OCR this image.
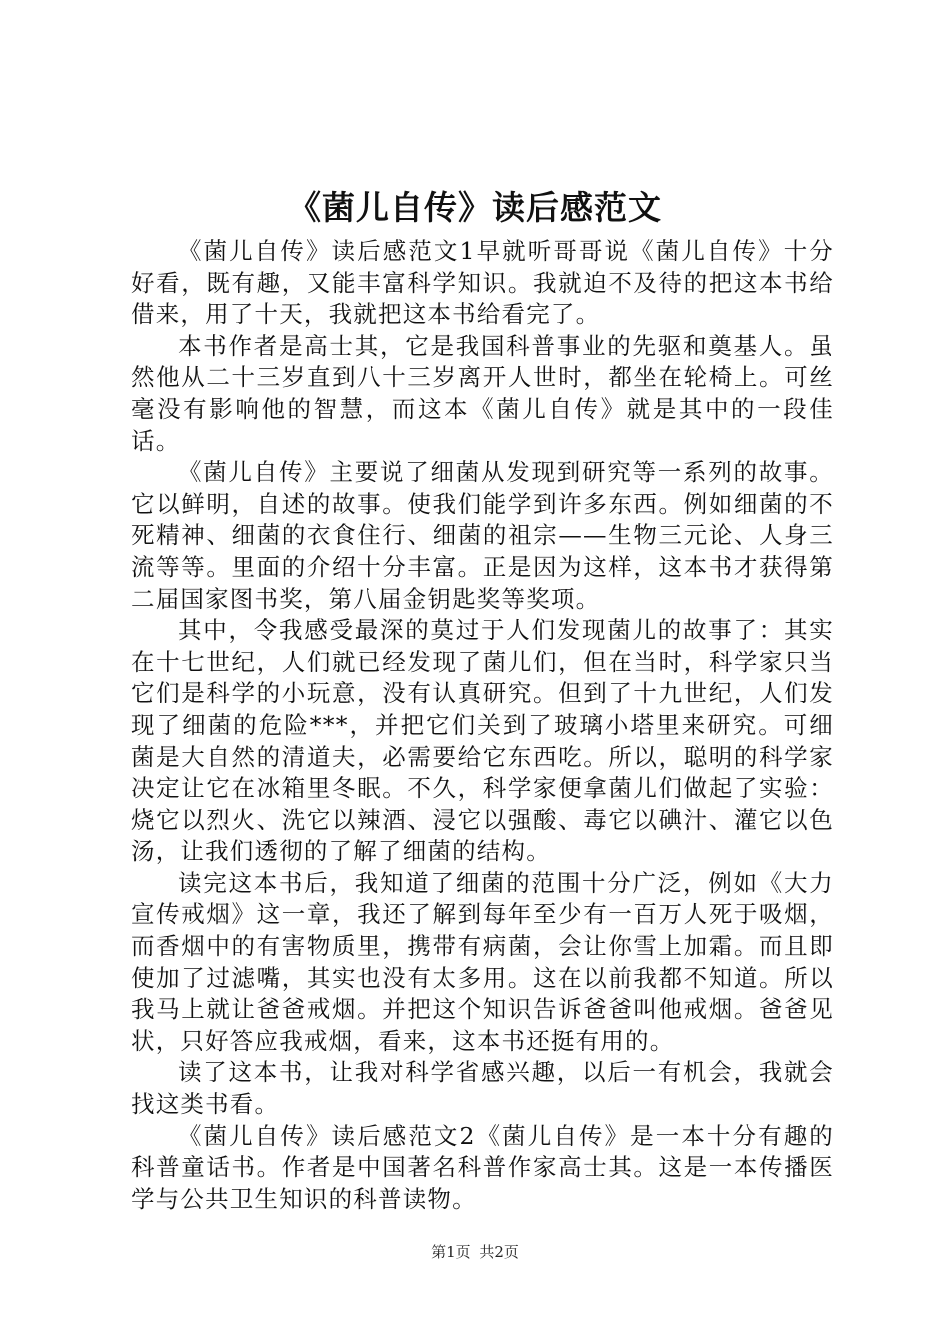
《菌儿自传》读后感范文

《菌儿自传》读后感范文1早就听哥哥说《菌儿自传》十分好看，既有趣，又能丰富科学知识。我就迫不及待的把这本书给借来，用了十天，我就把这本书给看完了。

本书作者是高士其，它是我国科普事业的先驱和奠基人。虽然他从二十三岁直到八十三岁离开人世时，都坐在轮椅上。可丝毫没有影响他的智慧，而这本《菌儿自传》就是其中的一段佳话。

《菌儿自传》主要说了细菌从发现到研究等一系列的故事。它以鲜明，自述的故事。使我们能学到许多东西。例如细菌的不死精神、细菌的衣食住行、细菌的祖宗——生物三元论、人身三流等等。里面的介绍十分丰富。正是因为这样，这本书才获得第二届国家图书奖，第八届金钥匙奖等奖项。

其中，令我感受最深的莫过于人们发现菌儿的故事了：其实在十七世纪，人们就已经发现了菌儿们，但在当时，科学家只当它们是科学的小玩意，没有认真研究。但到了十九世纪，人们发现了细菌的危险***，并把它们关到了玻璃小塔里来研究。可细菌是大自然的清道夫，必需要给它东西吃。所以，聪明的科学家决定让它在冰箱里冬眠。不久，科学家便拿菌儿们做起了实验：烧它以烈火、洗它以辣酒、浸它以强酸、毒它以碘汁、灌它以色汤，让我们透彻的了解了细菌的结构。

读完这本书后，我知道了细菌的范围十分广泛，例如《大力宣传戒烟》这一章，我还了解到每年至少有一百万人死于吸烟，而香烟中的有害物质里，携带有病菌，会让你雪上加霜。而且即使加了过滤嘴，其实也没有太多用。这在以前我都不知道。所以我马上就让爸爸戒烟。并把这个知识告诉爸爸叫他戒烟。爸爸见状，只好答应我戒烟，看来，这本书还挺有用的。

读了这本书，让我对科学省感兴趣，以后一有机会，我就会找这类书看。

《菌儿自传》读后感范文2《菌儿自传》是一本十分有趣的科普童话书。作者是中国著名科普作家高士其。这是一本传播医学与公共卫生知识的科普读物。

第1页 共2页
